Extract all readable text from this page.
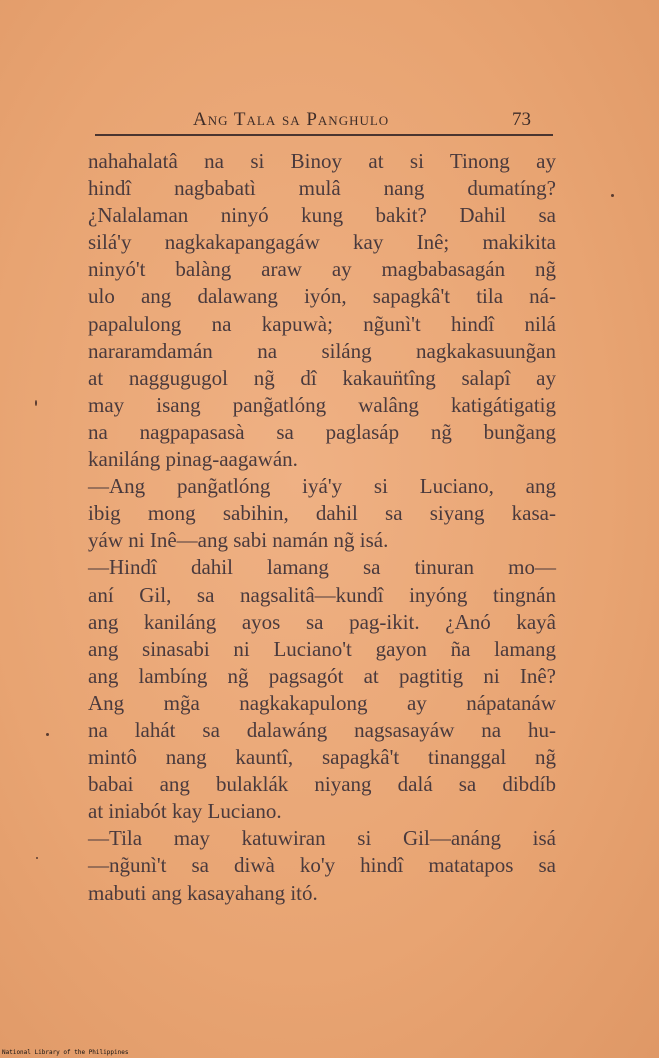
Ang Tala sa Panghulo	73
nahahalatâ na si Binoy at si Tinong ay
hindî nagbabatì mulâ nang dumatíng?
¿Nalalaman ninyó kung bakit? Dahil sa
silá'y nagkakapangagáw kay Inê; makikita
ninyó't balàng araw ay magbabasagán ng̃
ulo ang dalawang iyón, sapagkâ't tila ná-
papalulong na kapuwà; ng̃unì't hindî nilá
nararamdamán na siláng nagkakasuung̃an
at naggugugol ng̃ dî kakaun̈tîng salapî ay
may isang pang̃atlóng walâng katigátigatig
na nagpapasasà sa paglasáp ng̃ bung̃ang
kaniláng pinag-aagawán.
—Ang pang̃atlóng iyá'y si Luciano, ang
ibig mong sabihin, dahil sa siyang kasa-
yáw ni Inê—ang sabi namán ng̃ isá.
—Hindî dahil lamang sa tinuran mo—
aní Gil, sa nagsalitâ—kundî inyóng tingnán
ang kaniláng ayos sa pag-ikit. ¿Anó kayâ
ang sinasabi ni Luciano't gayon ña lamang
ang lambíng ng̃ pagsagót at pagtitig ni Inê?
Ang mg̃a nagkakapulong ay nápatanáw
na lahát sa dalawáng nagsasayáw na hu-
mintô nang kauntî, sapagkâ't tinanggal ng̃
babai ang bulaklák niyang dalá sa dibdíb
at iniabót kay Luciano.
—Tila may katuwiran si Gil—anáng isá
—ng̃unì't sa diwà ko'y hindî matatapos sa
mabuti ang kasayahang itó.
National Library of the Philippines
